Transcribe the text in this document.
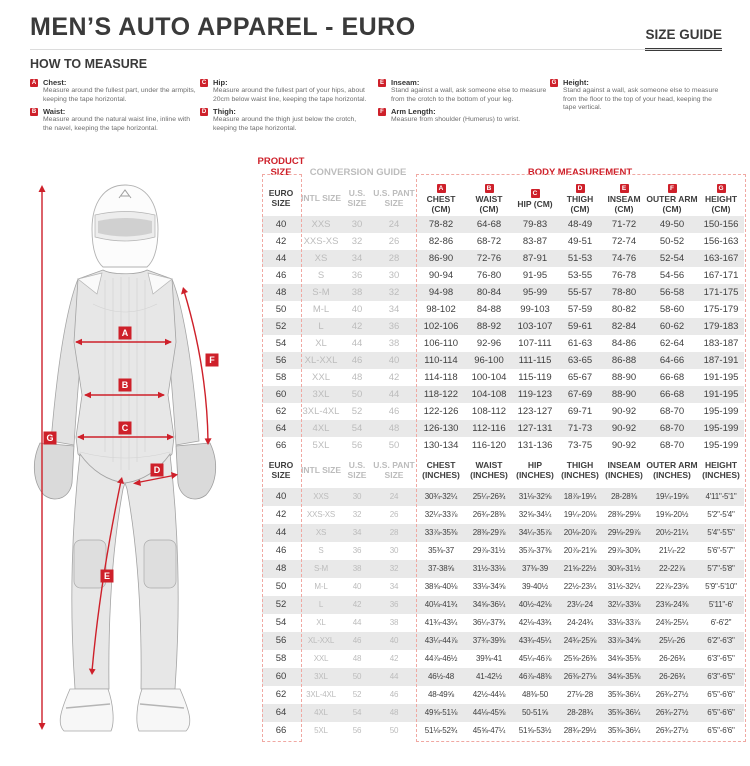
MEN’S AUTO APPAREL - EURO	SIZE GUIDE
HOW TO MEASURE
A Chest:
Measure around the fullest part, under the armpits, keeping the tape horizontal.
B Waist:
Measure around the natural waist line, inline with the navel, keeping the tape horizontal.
C Hip:
Measure around the fullest part of your hips, about 20cm below waist line, keeping the tape horizontal.
D Thigh:
Measure around the thigh just below the crotch, keeping the tape horizontal.
E Inseam:
Stand against a wall, ask someone else to measure from the crotch to the bottom of your leg.
F Arm Length:
Measure from shoulder (Humerus) to wrist.
G Height:
Stand against a wall, ask someone else to measure from the floor to the top of your head, keeping the tape vertical.
A
B
C
D
E
F
G
PRODUCT SIZE	CONVERSION GUIDE	BODY MEASUREMENT
EURO SIZE	INTL SIZE U.S. SIZE
U.S. PANT SIZE
A
CHEST (CM)
B
WAIST (CM)
C
HIP (CM)
D
THIGH (CM)
E
INSEAM (CM)
F
OUTER ARM (CM)
G
HEIGHT (CM)
40	XXS	30	24	78-82	64-68	79-83	48-49	71-72	49-50	150-156
42	XXS-XS	32	26	82-86	68-72	83-87	49-51	72-74	50-52	156-163
44	XS	34	28	86-90	72-76	87-91	51-53	74-76	52-54	163-167
46	S	36	30	90-94	76-80	91-95	53-55	76-78	54-56	167-171
48	S-M	38	32	94-98	80-84	95-99	55-57	78-80	56-58	171-175
50	M-L	40	34	98-102	84-88	99-103	57-59	80-82	58-60	175-179
52	L	42	36	102-106	88-92	103-107	59-61	82-84	60-62	179-183
54	XL	44	38	106-110	92-96	107-111	61-63	84-86	62-64	183-187
56	XL-XXL	46	40	110-114	96-100	111-115	63-65	86-88	64-66	187-191
58	XXL	48	42	114-118	100-104	115-119	65-67	88-90	66-68	191-195
60	3XL	50	44	118-122	104-108	119-123	67-69	88-90	66-68	191-195
62	3XL-4XL	52	46	122-126	108-112	123-127	69-71	90-92	68-70	195-199
64	4XL	54	48	126-130	112-116	127-131	71-73	90-92	68-70	195-199
66	5XL	56	50	130-134	116-120	131-136	73-75	90-92	68-70	195-199
EURO SIZE	INTL SIZE U.S. SIZE
U.S. PANT SIZE
CHEST (INCHES)
WAIST (INCHES)
HIP (INCHES)
THIGH (INCHES)
INSEAM (INCHES)
OUTER ARM (INCHES)
HEIGHT (INCHES)
40	XXS	30	24	30¾-32¼	25¼-26¾	31⅛-32⅝	18⅞-19¼	28-28⅜	19¼-19⅝	4'11"-5'1"
42	XXS-XS	32	26	32¼-33⅞	26¾-28⅜	32⅝-34¼	19¼-20⅛	28⅜-29⅛	19⅝-20½	5'2"-5'4"
44	XS	34	28	33⅞-35⅜	28⅜-29⅞	34¼-35⅞	20⅛-20⅞	29⅛-29⅞	20½-21¼	5'4"-5'5"
46	S	36	30	35⅜-37	29⅞-31½	35⅞-37⅜	20⅞-21⅝	29⅞-30¾	21¼-22	5'6"-5'7"
48	S-M	38	32	37-38⅝	31½-33⅛	37⅜-39	21⅝-22½	30¾-31½	22-22⅞	5'7"-5'8"
50	M-L	40	34	38⅝-40⅛	33⅛-34⅝	39-40½	22½-23¼	31½-32¼	22⅞-23⅝	5'9"-5'10"
52	L	42	36	40⅛-41¾	34⅝-36¼	40½-42⅛	23¼-24	32¼-33⅛	23⅝-24⅜	5'11"-6'
54	XL	44	38	41¾-43¼	36¼-37¾	42⅛-43¾	24-24¾	33⅛-33⅞	24⅜-25¼	6'-6'2"
56	XL-XXL	46	40	43¼-44⅞	37¾-39⅜	43¾-45¼	24¾-25⅝	33⅞-34⅝	25¼-26	6'2"-6'3"
58	XXL	48	42	44⅞-46½	39⅜-41	45¼-46⅞	25⅝-26⅜	34⅝-35⅜	26-26¾	6'3"-6'5"
60	3XL	50	44	46½-48	41-42½	46⅞-48⅜	26⅜-27⅛	34⅝-35⅜	26-26¾	6'3"-6'5"
62	3XL-4XL	52	46	48-49⅝	42½-44⅛	48⅜-50	27⅛-28	35⅜-36¼	26¾-27½	6'5"-6'6"
64	4XL	54	48	49⅝-51⅛	44⅛-45⅝	50-51⅝	28-28¾	35⅜-36¼	26¾-27½	6'5"-6'6"
66	5XL	56	50	51⅛-52¾	45⅝-47¼	51⅝-53½	28¾-29½	35⅜-36¼	26¾-27½	6'5"-6'6"
